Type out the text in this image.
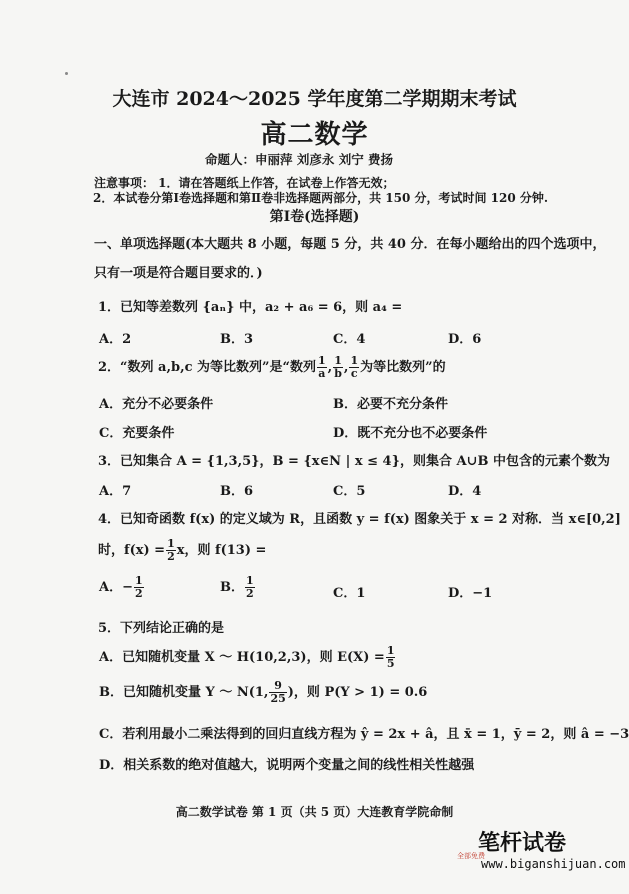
大连市 2024～2025 学年度第二学期期末考试
高二数学
命题人：申丽萍 刘彦永 刘宁 费扬
注意事项： 1．请在答题纸上作答，在试卷上作答无效；
2．本试卷分第Ⅰ卷选择题和第Ⅱ卷非选择题两部分，共 150 分，考试时间 120 分钟.
第Ⅰ卷(选择题)
一、单项选择题(本大题共 8 小题，每题 5 分，共 40 分．在每小题给出的四个选项中，
只有一项是符合题目要求的．)
1．已知等差数列 {aₙ} 中，a₂ + a₆ = 6，则 a₄ =
A．2	B．3	C．4	D．6
2．“数列 a,b,c 为等比数列”是“数列 $\frac{1}{a}$ , $\frac{1}{b}$ , $\frac{1}{c}$ 为等比数列”的
A．充分不必要条件	B．必要不充分条件
C．充要条件	D．既不充分也不必要条件
3．已知集合 A = {1,3,5}，B = {x∈N | x ≤ 4}，则集合 A∪B 中包含的元素个数为
A．7	B．6	C．5	D．4
4．已知奇函数 f(x) 的定义域为 R，且函数 y = f(x) 图象关于 x = 2 对称．当 x∈[0,2]
时，$f(x) = \frac{1}{2}$ x，则 f(13) =
A．− $\frac{1}{2}$	B． $\frac{1}{2}$	C．1	D．−1
5．下列结论正确的是
A．已知随机变量 X ～ H(10,2,3)，则 $E(X) = \frac{1}{5}$
B．已知随机变量 Y ～ N(1, $\frac{9}{25}$ )，则 P(Y > 1) = 0.6
C．若利用最小二乘法得到的回归直线方程为 ŷ = 2x + â，且 x̄ = 1，ȳ = 2，则 â = −3
D．相关系数的绝对值越大，说明两个变量之间的线性相关性越强
高二数学试卷 第 1 页（共 5 页）大连教育学院命制
笔杆试卷
全部免费
www.biganshijuan.com
